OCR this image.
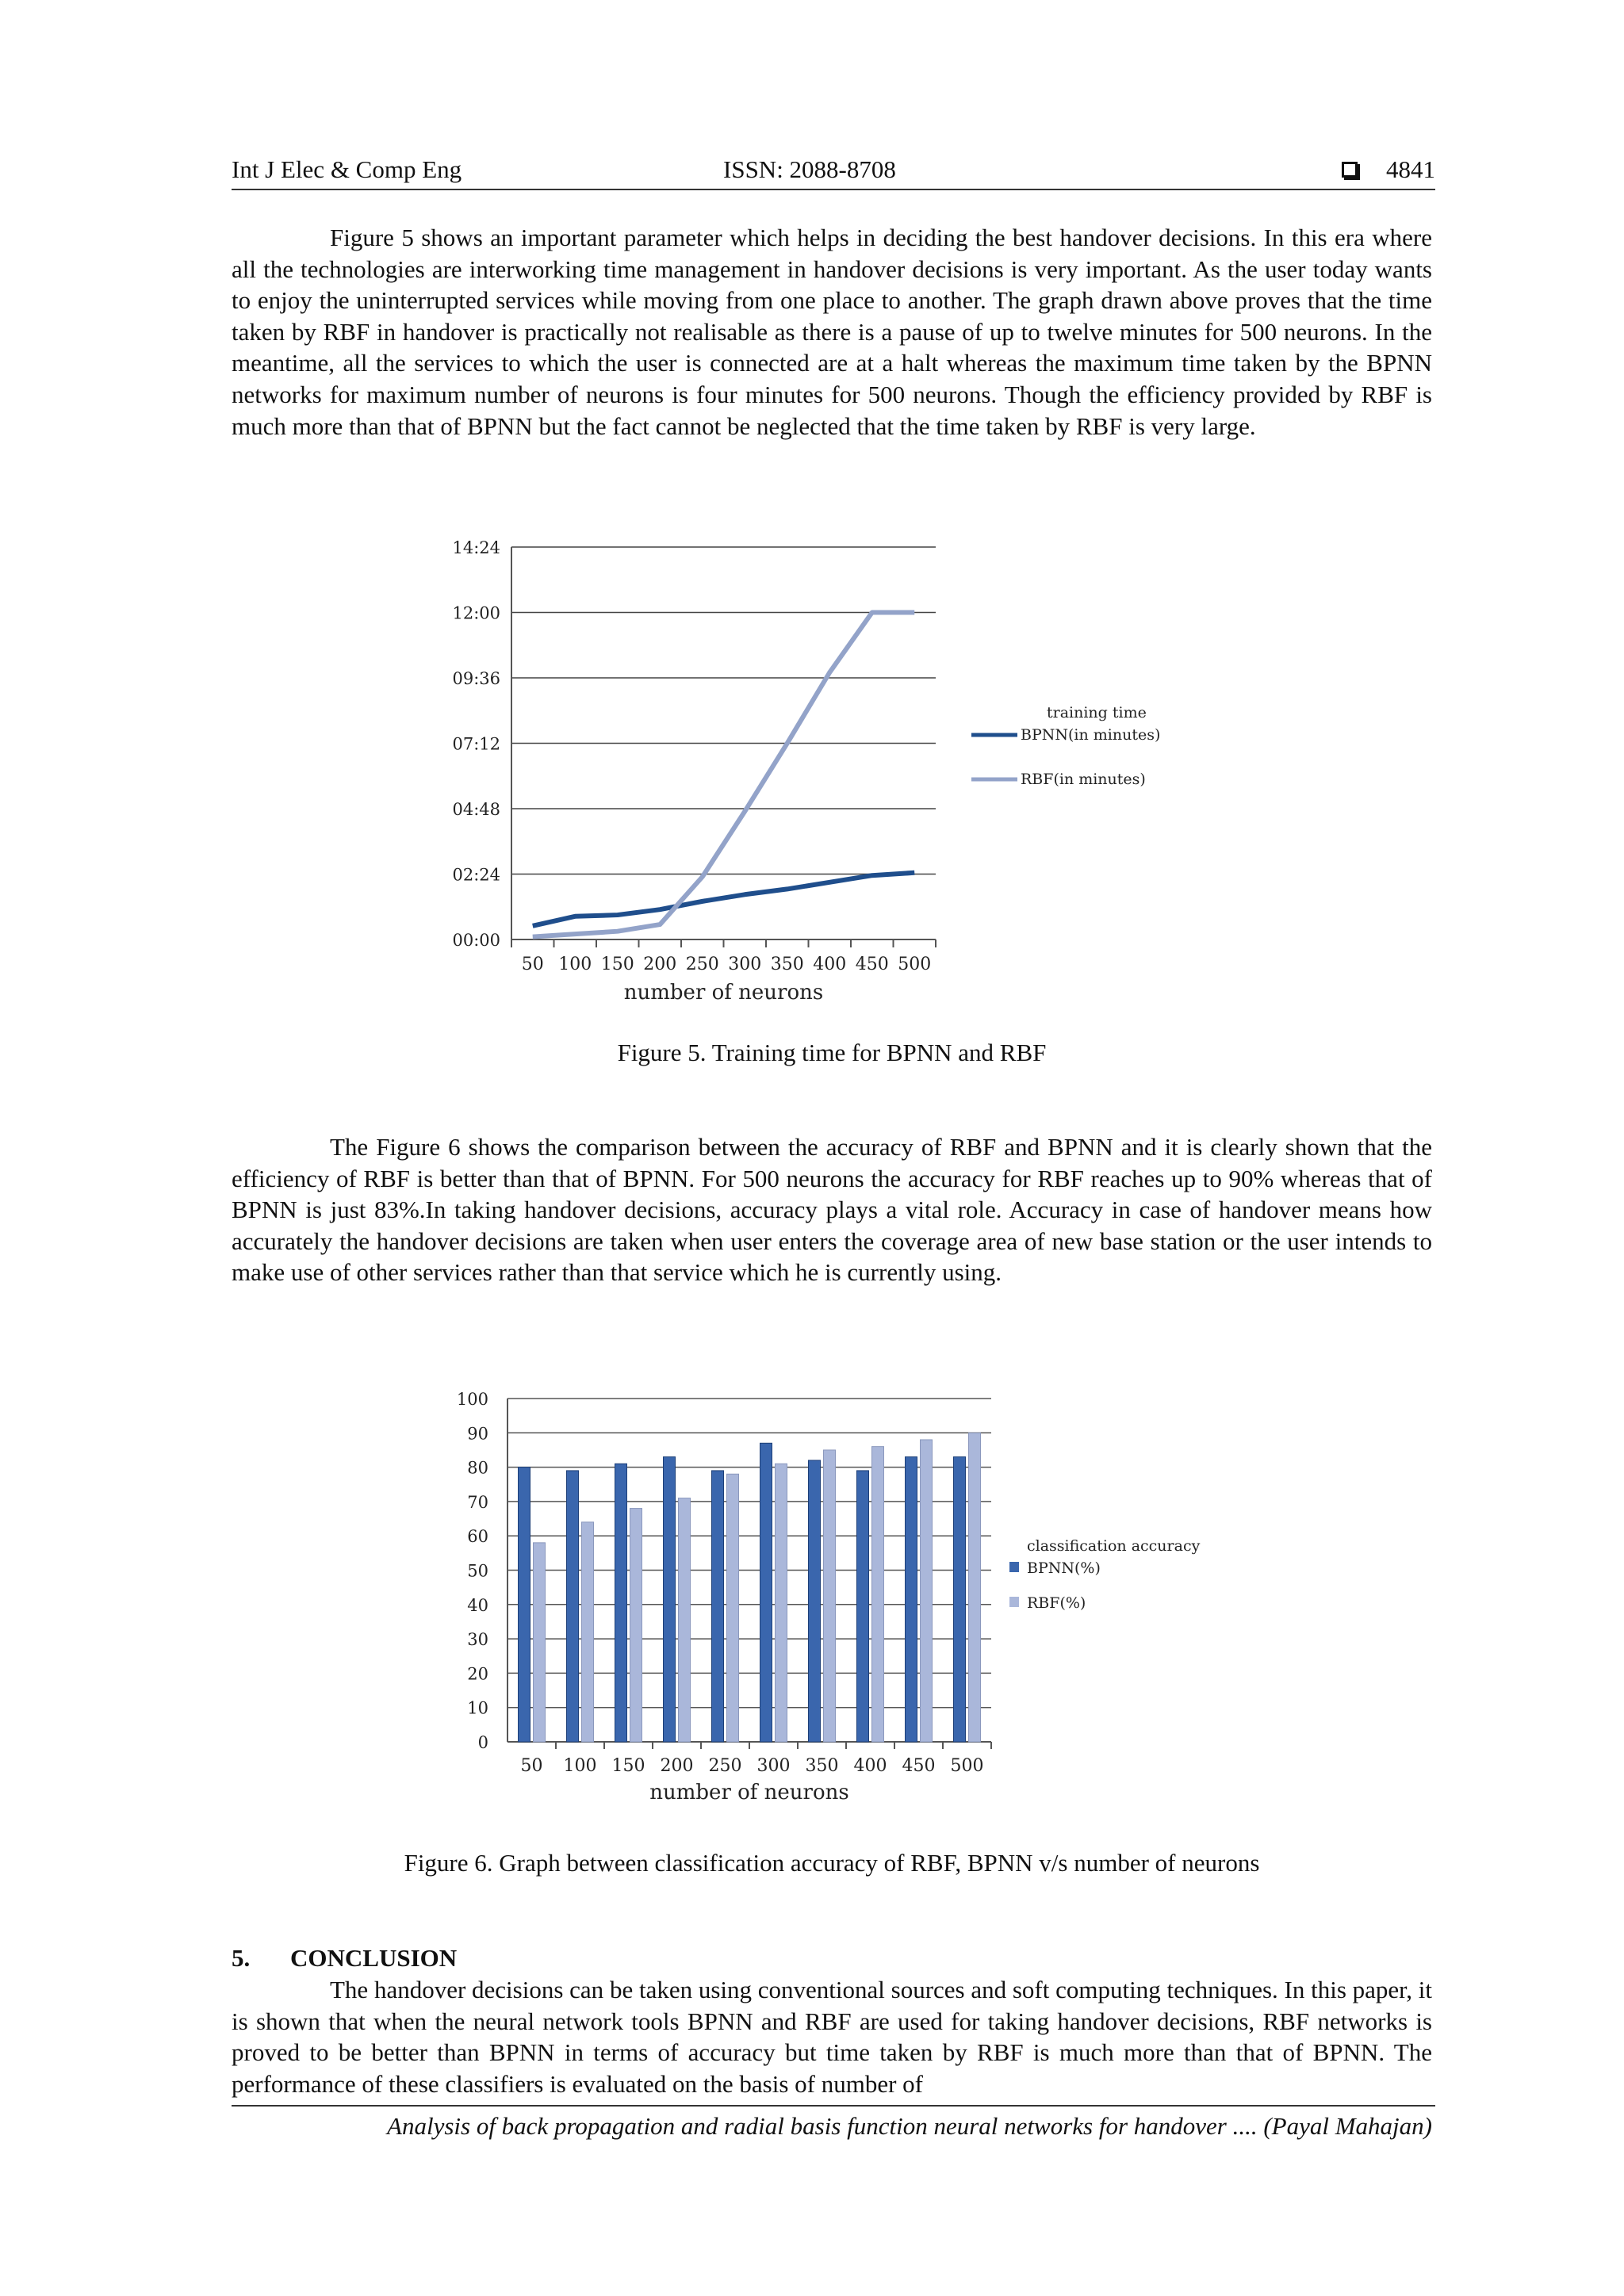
Int J Elec & Comp Eng	ISSN: 2088-8708	4841

Figure 5 shows an important parameter which helps in deciding the best handover decisions. In this era where all the technologies are interworking time management in handover decisions is very important. As the user today wants to enjoy the uninterrupted services while moving from one place to another. The graph drawn above proves that the time taken by RBF in handover is practically not realisable as there is a pause of up to twelve minutes for 500 neurons. In the meantime, all the services to which the user is connected are at a halt whereas the maximum time taken by the BPNN networks for maximum number of neurons is four minutes for 500 neurons. Though the efficiency provided by RBF is much more than that of BPNN but the fact cannot be neglected that the time taken by RBF is very large.

00:00
02:24
04:48
07:12
09:36
12:00
14:24
50 100 150 200 250 300 350 400 450 500
number of neurons
training time
BPNN(in minutes)
RBF(in minutes)
Figure 5. Training time for BPNN and RBF

The Figure 6 shows the comparison between the accuracy of RBF and BPNN and it is clearly shown that the efficiency of RBF is better than that of BPNN. For 500 neurons the accuracy for RBF reaches up to 90% whereas that of BPNN is just 83%.In taking handover decisions, accuracy plays a vital role. Accuracy in case of handover means how accurately the handover decisions are taken when user enters the coverage area of new base station or the user intends to make use of other services rather than that service which he is currently using.

0
10
20
30
40
50
60
70
80
90
100
50 100 150 200 250 300 350 400 450 500
number of neurons
classification accuracy
BPNN(%)
RBF(%)
Figure 6. Graph between classification accuracy of RBF, BPNN v/s number of neurons
5. CONCLUSION

The handover decisions can be taken using conventional sources and soft computing techniques. In this paper, it is shown that when the neural network tools BPNN and RBF are used for taking handover decisions, RBF networks is proved to be better than BPNN in terms of accuracy but time taken by RBF is much more than that of BPNN. The performance of these classifiers is evaluated on the basis of number of

Analysis of back propagation and radial basis function neural networks for handover .... (Payal Mahajan)
